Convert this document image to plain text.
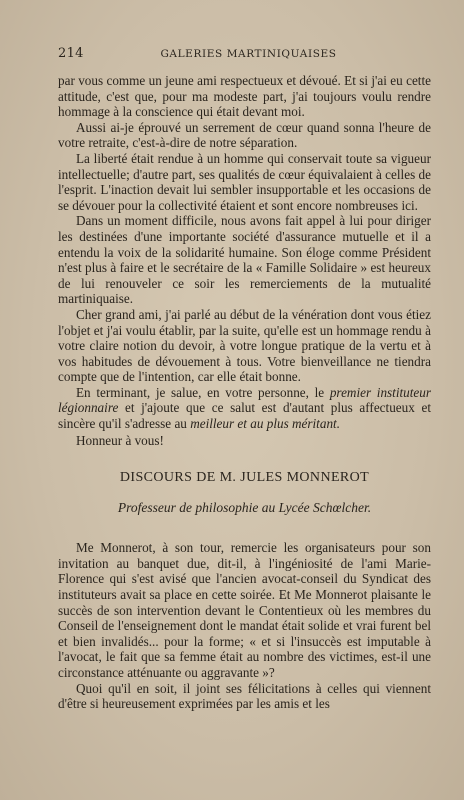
214	GALERIES MARTINIQUAISES

par vous comme un jeune ami respectueux et dévoué. Et si j'ai eu cette attitude, c'est que, pour ma modeste part, j'ai toujours voulu rendre hommage à la conscience qui était devant moi.

Aussi ai-je éprouvé un serrement de cœur quand sonna l'heure de votre retraite, c'est-à-dire de notre séparation.

La liberté était rendue à un homme qui conservait toute sa vigueur intellectuelle; d'autre part, ses qualités de cœur équivalaient à celles de l'esprit. L'inaction devait lui sembler insupportable et les occasions de se dévouer pour la collectivité étaient et sont encore nombreuses ici.

Dans un moment difficile, nous avons fait appel à lui pour diriger les destinées d'une importante société d'assurance mutuelle et il a entendu la voix de la solidarité humaine. Son éloge comme Président n'est plus à faire et le secrétaire de la « Famille Solidaire » est heureux de lui renouveler ce soir les remerciements de la mutualité martiniquaise.

Cher grand ami, j'ai parlé au début de la vénération dont vous étiez l'objet et j'ai voulu établir, par la suite, qu'elle est un hommage rendu à votre claire notion du devoir, à votre longue pratique de la vertu et à vos habitudes de dévouement à tous. Votre bienveillance ne tiendra compte que de l'intention, car elle était bonne.

En terminant, je salue, en votre personne, le premier instituteur légionnaire et j'ajoute que ce salut est d'autant plus affectueux et sincère qu'il s'adresse au meilleur et au plus méritant.

Honneur à vous!

DISCOURS DE M. JULES MONNEROT
Professeur de philosophie au Lycée Schœlcher.

Me Monnerot, à son tour, remercie les organisateurs pour son invitation au banquet due, dit-il, à l'ingéniosité de l'ami Marie-Florence qui s'est avisé que l'ancien avocat-conseil du Syndicat des instituteurs avait sa place en cette soirée. Et Me Monnerot plaisante le succès de son intervention devant le Contentieux où les membres du Conseil de l'enseignement dont le mandat était solide et vrai furent bel et bien invalidés... pour la forme; « et si l'insuccès est imputable à l'avocat, le fait que sa femme était au nombre des victimes, est-il une circonstance atténuante ou aggravante »?

Quoi qu'il en soit, il joint ses félicitations à celles qui viennent d'être si heureusement exprimées par les amis et les
